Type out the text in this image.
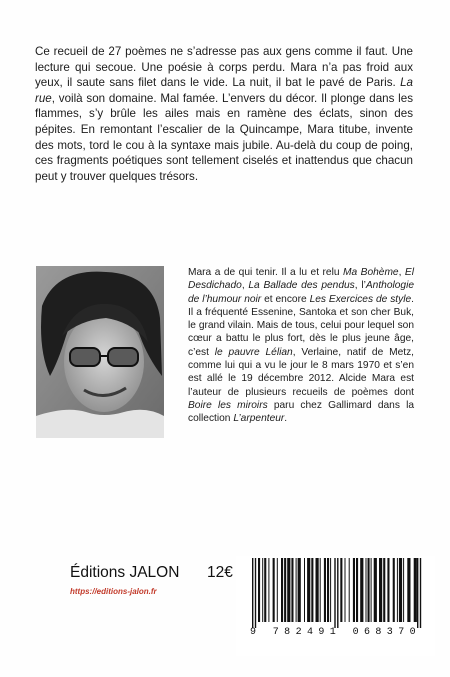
Ce recueil de 27 poèmes ne s’adresse pas aux gens comme il faut. Une lecture qui secoue. Une poésie à corps perdu. Mara n’a pas froid aux yeux, il saute sans filet dans le vide. La nuit, il bat le pavé de Paris. La rue, voilà son domaine. Mal famée. L’envers du décor. Il plonge dans les flammes, s’y brûle les ailes mais en ramène des éclats, sinon des pépites. En remontant l’escalier de la Quincampe, Mara titube, invente des mots, tord le cou à la syntaxe mais jubile. Au-delà du coup de poing, ces fragments poétiques sont tellement ciselés et inattendus que chacun peut y trouver quelques trésors.

Mara a de qui tenir. Il a lu et relu Ma Bohème, El Desdichado, La Ballade des pendus, l’Anthologie de l’humour noir et encore Les Exercices de style. Il a fréquenté Essenine, Santoka et son cher Buk, le grand vilain. Mais de tous, celui pour lequel son cœur a battu le plus fort, dès le plus jeune âge, c’est le pauvre Lélian, Verlaine, natif de Metz, comme lui qui a vu le jour le 8 mars 1970 et s’en est allé le 19 décembre 2012. Alcide Mara est l’auteur de plusieurs recueils de poèmes dont Boire les miroirs paru chez Gallimard dans la collection L’arpenteur.

Éditions JALON

https://editions-jalon.fr

12€

9 782491 068370
